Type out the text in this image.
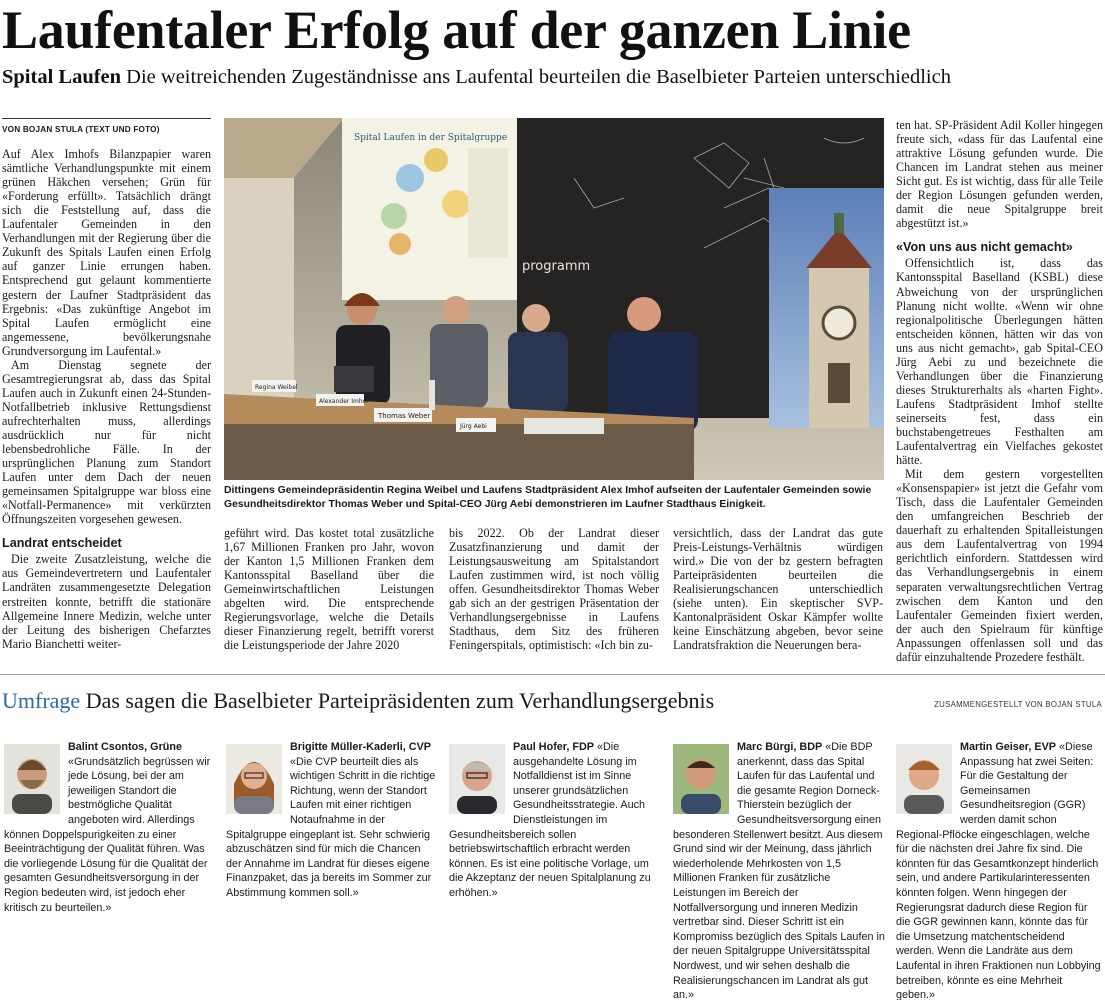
Laufentaler Erfolg auf der ganzen Linie
Spital Laufen Die weitreichenden Zugeständnisse ans Laufental beurteilen die Baselbieter Parteien unterschiedlich
VON BOJAN STULA (TEXT UND FOTO)

Auf Alex Imhofs Bilanzpapier waren sämtliche Verhandlungspunkte mit einem grünen Häkchen versehen; Grün für «Forderung erfüllt». Tatsächlich drängt sich die Feststellung auf, dass die Laufentaler Gemeinden in den Verhandlungen mit der Regierung über die Zukunft des Spitals Laufen einen Erfolg auf ganzer Linie errungen haben. Entsprechend gut gelaunt kommentierte gestern der Laufner Stadtpräsident das Ergebnis: «Das zukünftige Angebot im Spital Laufen ermöglicht eine angemessene, bevölkerungsnahe Grundversorgung im Laufental.»

Am Dienstag segnete der Gesamtregierungsrat ab, dass das Spital Laufen auch in Zukunft einen 24-Stunden-Notfallbetrieb inklusive Rettungsdienst aufrechterhalten muss, allerdings ausdrücklich nur für nicht lebensbedrohliche Fälle. In der ursprünglichen Planung zum Standort Laufen unter dem Dach der neuen gemeinsamen Spitalgruppe war bloss eine «Notfall-Permanence» mit verkürzten Öffnungszeiten vorgesehen gewesen.

Landrat entscheidet

Die zweite Zusatzleistung, welche die aus Gemeindevertretern und Laufentaler Landräten zusammengesetzte Delegation erstreiten konnte, betrifft die stationäre Allgemeine Innere Medizin, welche unter der Leitung des bisherigen Chefarztes Mario Bianchetti weiter-

Spital Laufen in der Spitalgruppe
programm
Regina Weibel
Alexander Imhof
Thomas Weber
Jürg Aebi
Dittingens Gemeindepräsidentin Regina Weibel und Laufens Stadtpräsident Alex Imhof aufseiten der Laufentaler Gemeinden sowie Gesundheitsdirektor Thomas Weber und Spital-CEO Jürg Aebi demonstrieren im Laufner Stadthaus Einigkeit.

geführt wird. Das kostet total zusätzliche 1,67 Millionen Franken pro Jahr, wovon der Kanton 1,5 Millionen Franken dem Kantonsspital Baselland über die Gemeinwirtschaftlichen Leistungen abgelten wird. Die entsprechende Regierungsvorlage, welche die Details dieser Finanzierung regelt, betrifft vorerst die Leistungsperiode der Jahre 2020

bis 2022. Ob der Landrat dieser Zusatzfinanzierung und damit der Leistungsausweitung am Spitalstandort Laufen zustimmen wird, ist noch völlig offen. Gesundheitsdirektor Thomas Weber gab sich an der gestrigen Präsentation der Verhandlungsergebnisse in Laufens Stadthaus, dem Sitz des früheren Feningerspitals, optimistisch: «Ich bin zu-

versichtlich, dass der Landrat das gute Preis-Leistungs-Verhältnis würdigen wird.» Die von der bz gestern befragten Parteipräsidenten beurteilen die Realisierungschancen unterschiedlich (siehe unten). Ein skeptischer SVP-Kantonalpräsident Oskar Kämpfer wollte keine Einschätzung abgeben, bevor seine Landratsfraktion die Neuerungen bera-

ten hat. SP-Präsident Adil Koller hingegen freute sich, «dass für das Laufental eine attraktive Lösung gefunden wurde. Die Chancen im Landrat stehen aus meiner Sicht gut. Es ist wichtig, dass für alle Teile der Region Lösungen gefunden werden, damit die neue Spitalgruppe breit abgestützt ist.»

«Von uns aus nicht gemacht»

Offensichtlich ist, dass das Kantonsspital Baselland (KSBL) diese Abweichung von der ursprünglichen Planung nicht wollte. «Wenn wir ohne regionalpolitische Überlegungen hätten entscheiden können, hätten wir das von uns aus nicht gemacht», gab Spital-CEO Jürg Aebi zu und bezeichnete die Verhandlungen über die Finanzierung dieses Strukturerhalts als «harten Fight». Laufens Stadtpräsident Imhof stellte seinerseits fest, dass ein buchstabengetreues Festhalten am Laufentalvertrag ein Vielfaches gekostet hätte.

Mit dem gestern vorgestellten «Konsenspapier» ist jetzt die Gefahr vom Tisch, dass die Laufentaler Gemeinden den umfangreichen Beschrieb der dauerhaft zu erhaltenden Spitalleistungen aus dem Laufentalvertrag von 1994 gerichtlich einfordern. Stattdessen wird das Verhandlungsergebnis in einem separaten verwaltungsrechtlichen Vertrag zwischen dem Kanton und den Laufentaler Gemeinden fixiert werden, der auch den Spielraum für künftige Anpassungen offenlassen soll und das dafür einzuhaltende Prozedere festhält.

Umfrage Das sagen die Baselbieter Parteipräsidenten zum Verhandlungsergebnis	ZUSAMMENGESTELLT VON BOJAN STULA
Balint Csontos, Grüne «Grundsätzlich begrüssen wir jede Lösung, bei der am jeweiligen Standort die bestmögliche Qualität angeboten wird. Allerdings können Doppelspurigkeiten zu einer Beeinträchtigung der Qualität führen. Was die vorliegende Lösung für die Qualität der gesamten Gesundheitsversorgung in der Region bedeuten wird, ist jedoch eher kritisch zu beurteilen.»
Brigitte Müller-Kaderli, CVP «Die CVP beurteilt dies als wichtigen Schritt in die richtige Richtung, wenn der Standort Laufen mit einer richtigen Notaufnahme in der Spitalgruppe eingeplant ist. Sehr schwierig abzuschätzen sind für mich die Chancen der Annahme im Landrat für dieses eigene Finanzpaket, das ja bereits im Sommer zur Abstimmung kommen soll.»
Paul Hofer, FDP «Die ausgehandelte Lösung im Notfalldienst ist im Sinne unserer grundsätzlichen Gesundheitsstrategie. Auch Dienstleistungen im Gesundheitsbereich sollen betriebswirtschaftlich erbracht werden können. Es ist eine politische Vorlage, um die Akzeptanz der neuen Spitalplanung zu erhöhen.»
Marc Bürgi, BDP «Die BDP anerkennt, dass das Spital Laufen für das Laufental und die gesamte Region Dorneck-Thierstein bezüglich der Gesundheitsversorgung einen besonderen Stellenwert besitzt. Aus diesem Grund sind wir der Meinung, dass jährlich wiederholende Mehrkosten von 1,5 Millionen Franken für zusätzliche Leistungen im Bereich der Notfallversorgung und inneren Medizin vertretbar sind. Dieser Schritt ist ein Kompromiss bezüglich des Spitals Laufen in der neuen Spitalgruppe Universitätsspital Nordwest, und wir sehen deshalb die Realisierungschancen im Landrat als gut an.»
Martin Geiser, EVP «Diese Anpassung hat zwei Seiten: Für die Gestaltung der Gemeinsamen Gesundheitsregion (GGR) werden damit schon Regional-Pflöcke eingeschlagen, welche für die nächsten drei Jahre fix sind. Die könnten für das Gesamtkonzept hinderlich sein, und andere Partikularinteressenten könnten folgen. Wenn hingegen der Regierungsrat dadurch diese Region für die GGR gewinnen kann, könnte das für die Umsetzung matchentscheidend werden. Wenn die Landräte aus dem Laufental in ihren Fraktionen nun Lobbying betreiben, könnte es eine Mehrheit geben.»
